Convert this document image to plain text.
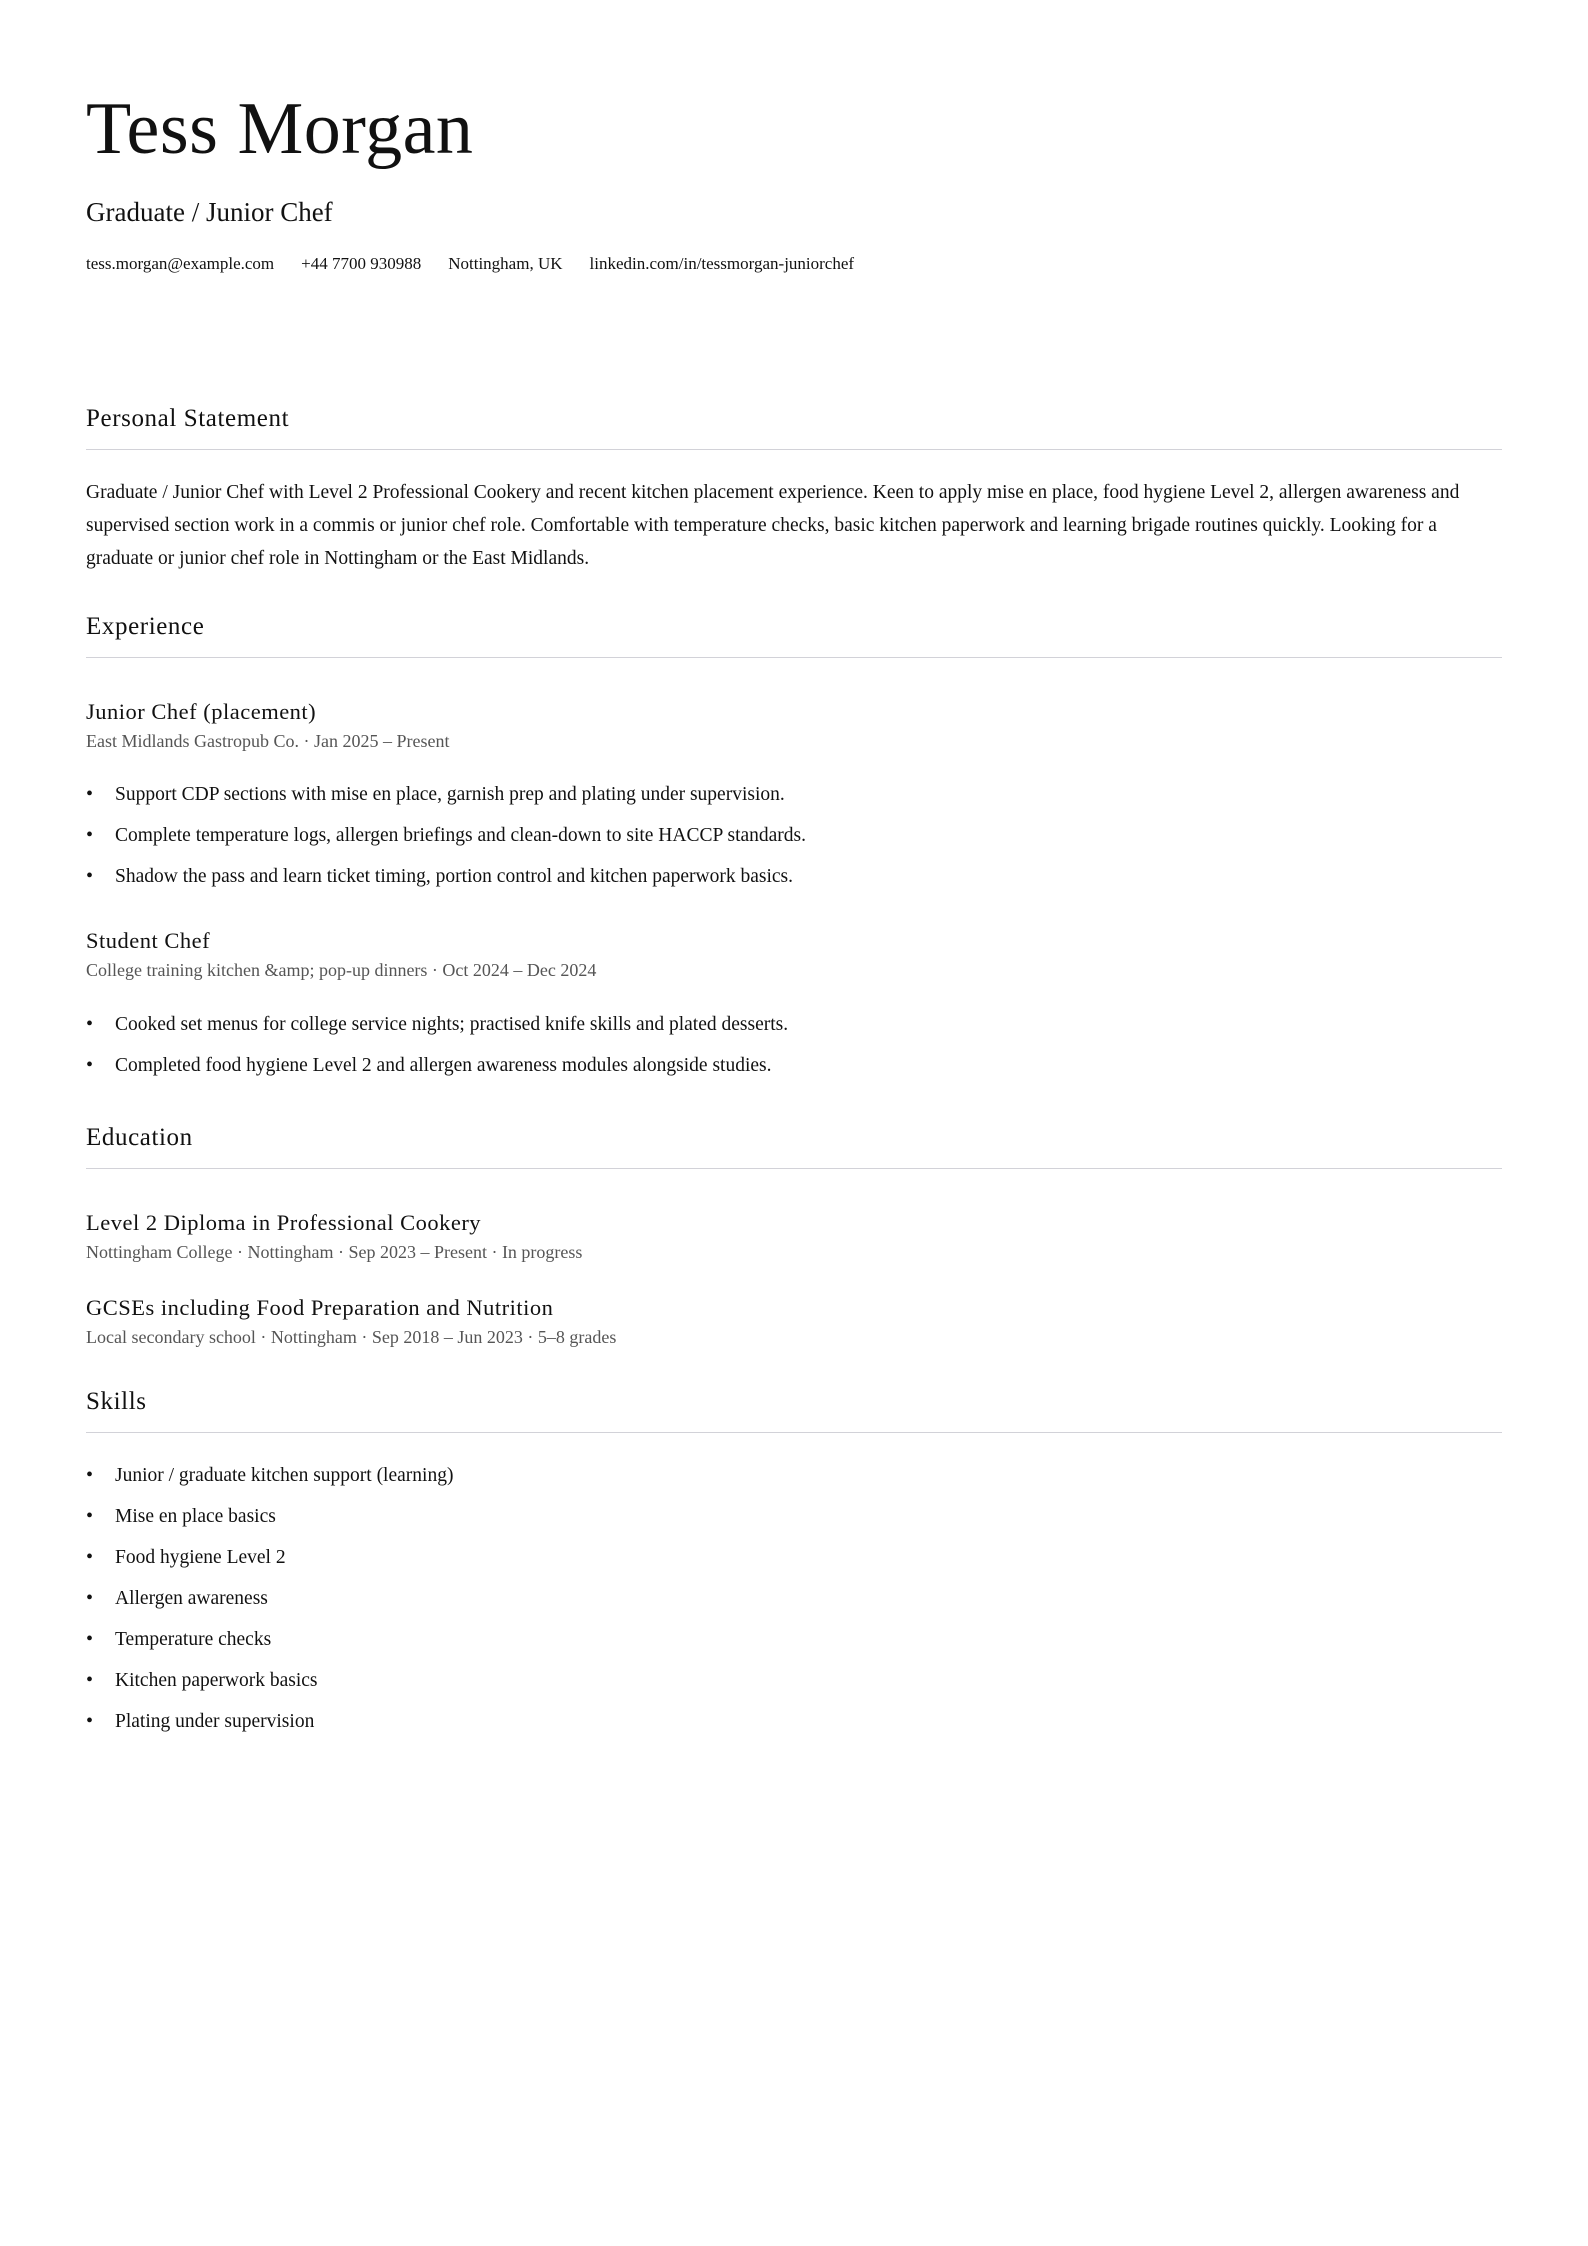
Tess Morgan
Graduate / Junior Chef
tess.morgan@example.com +44 7700 930988 Nottingham, UK linkedin.com/in/tessmorgan-juniorchef
Personal Statement

Graduate / Junior Chef with Level 2 Professional Cookery and recent kitchen placement experience. Keen to apply mise en place, food hygiene Level 2, allergen awareness and supervised section work in a commis or junior chef role. Comfortable with temperature checks, basic kitchen paperwork and learning brigade routines quickly. Looking for a graduate or junior chef role in Nottingham or the East Midlands.

Experience
Junior Chef (placement)
East Midlands Gastropub Co. · Jan 2025 – Present
• Support CDP sections with mise en place, garnish prep and plating under supervision.
• Complete temperature logs, allergen briefings and clean-down to site HACCP standards.
• Shadow the pass and learn ticket timing, portion control and kitchen paperwork basics.
Student Chef
College training kitchen &amp; pop-up dinners · Oct 2024 – Dec 2024
• Cooked set menus for college service nights; practised knife skills and plated desserts.
• Completed food hygiene Level 2 and allergen awareness modules alongside studies.
Education
Level 2 Diploma in Professional Cookery
Nottingham College · Nottingham · Sep 2023 – Present · In progress
GCSEs including Food Preparation and Nutrition
Local secondary school · Nottingham · Sep 2018 – Jun 2023 · 5–8 grades
Skills
• Junior / graduate kitchen support (learning)
• Mise en place basics
• Food hygiene Level 2
• Allergen awareness
• Temperature checks
• Kitchen paperwork basics
• Plating under supervision
